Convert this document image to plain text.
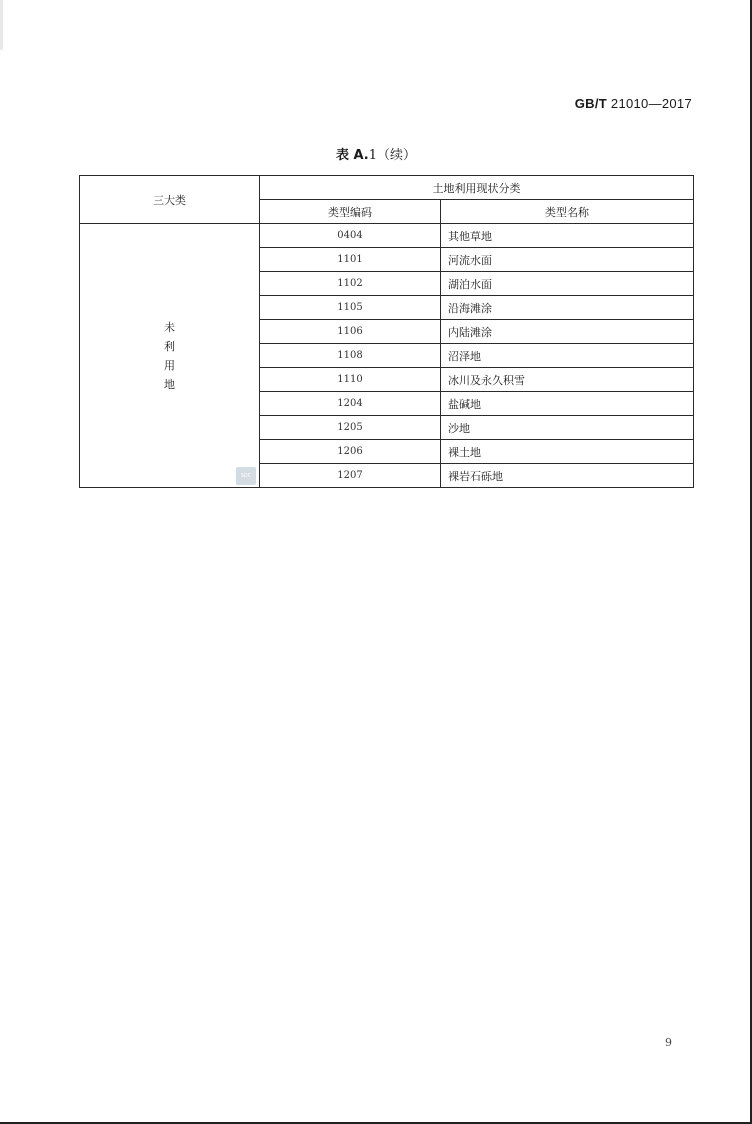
GB/T 21010—2017
表 A.1（续）
三大类	土地利用现状分类	
	类型编码	类型名称

未
利
用
地
SDC	0404	其他草地
	1101	河流水面
	1102	湖泊水面
	1105	沿海滩涂
	1106	内陆滩涂
	1108	沼泽地
	1110	冰川及永久积雪
	1204	盐碱地
	1205	沙地
	1206	裸土地
	1207	裸岩石砾地
9
